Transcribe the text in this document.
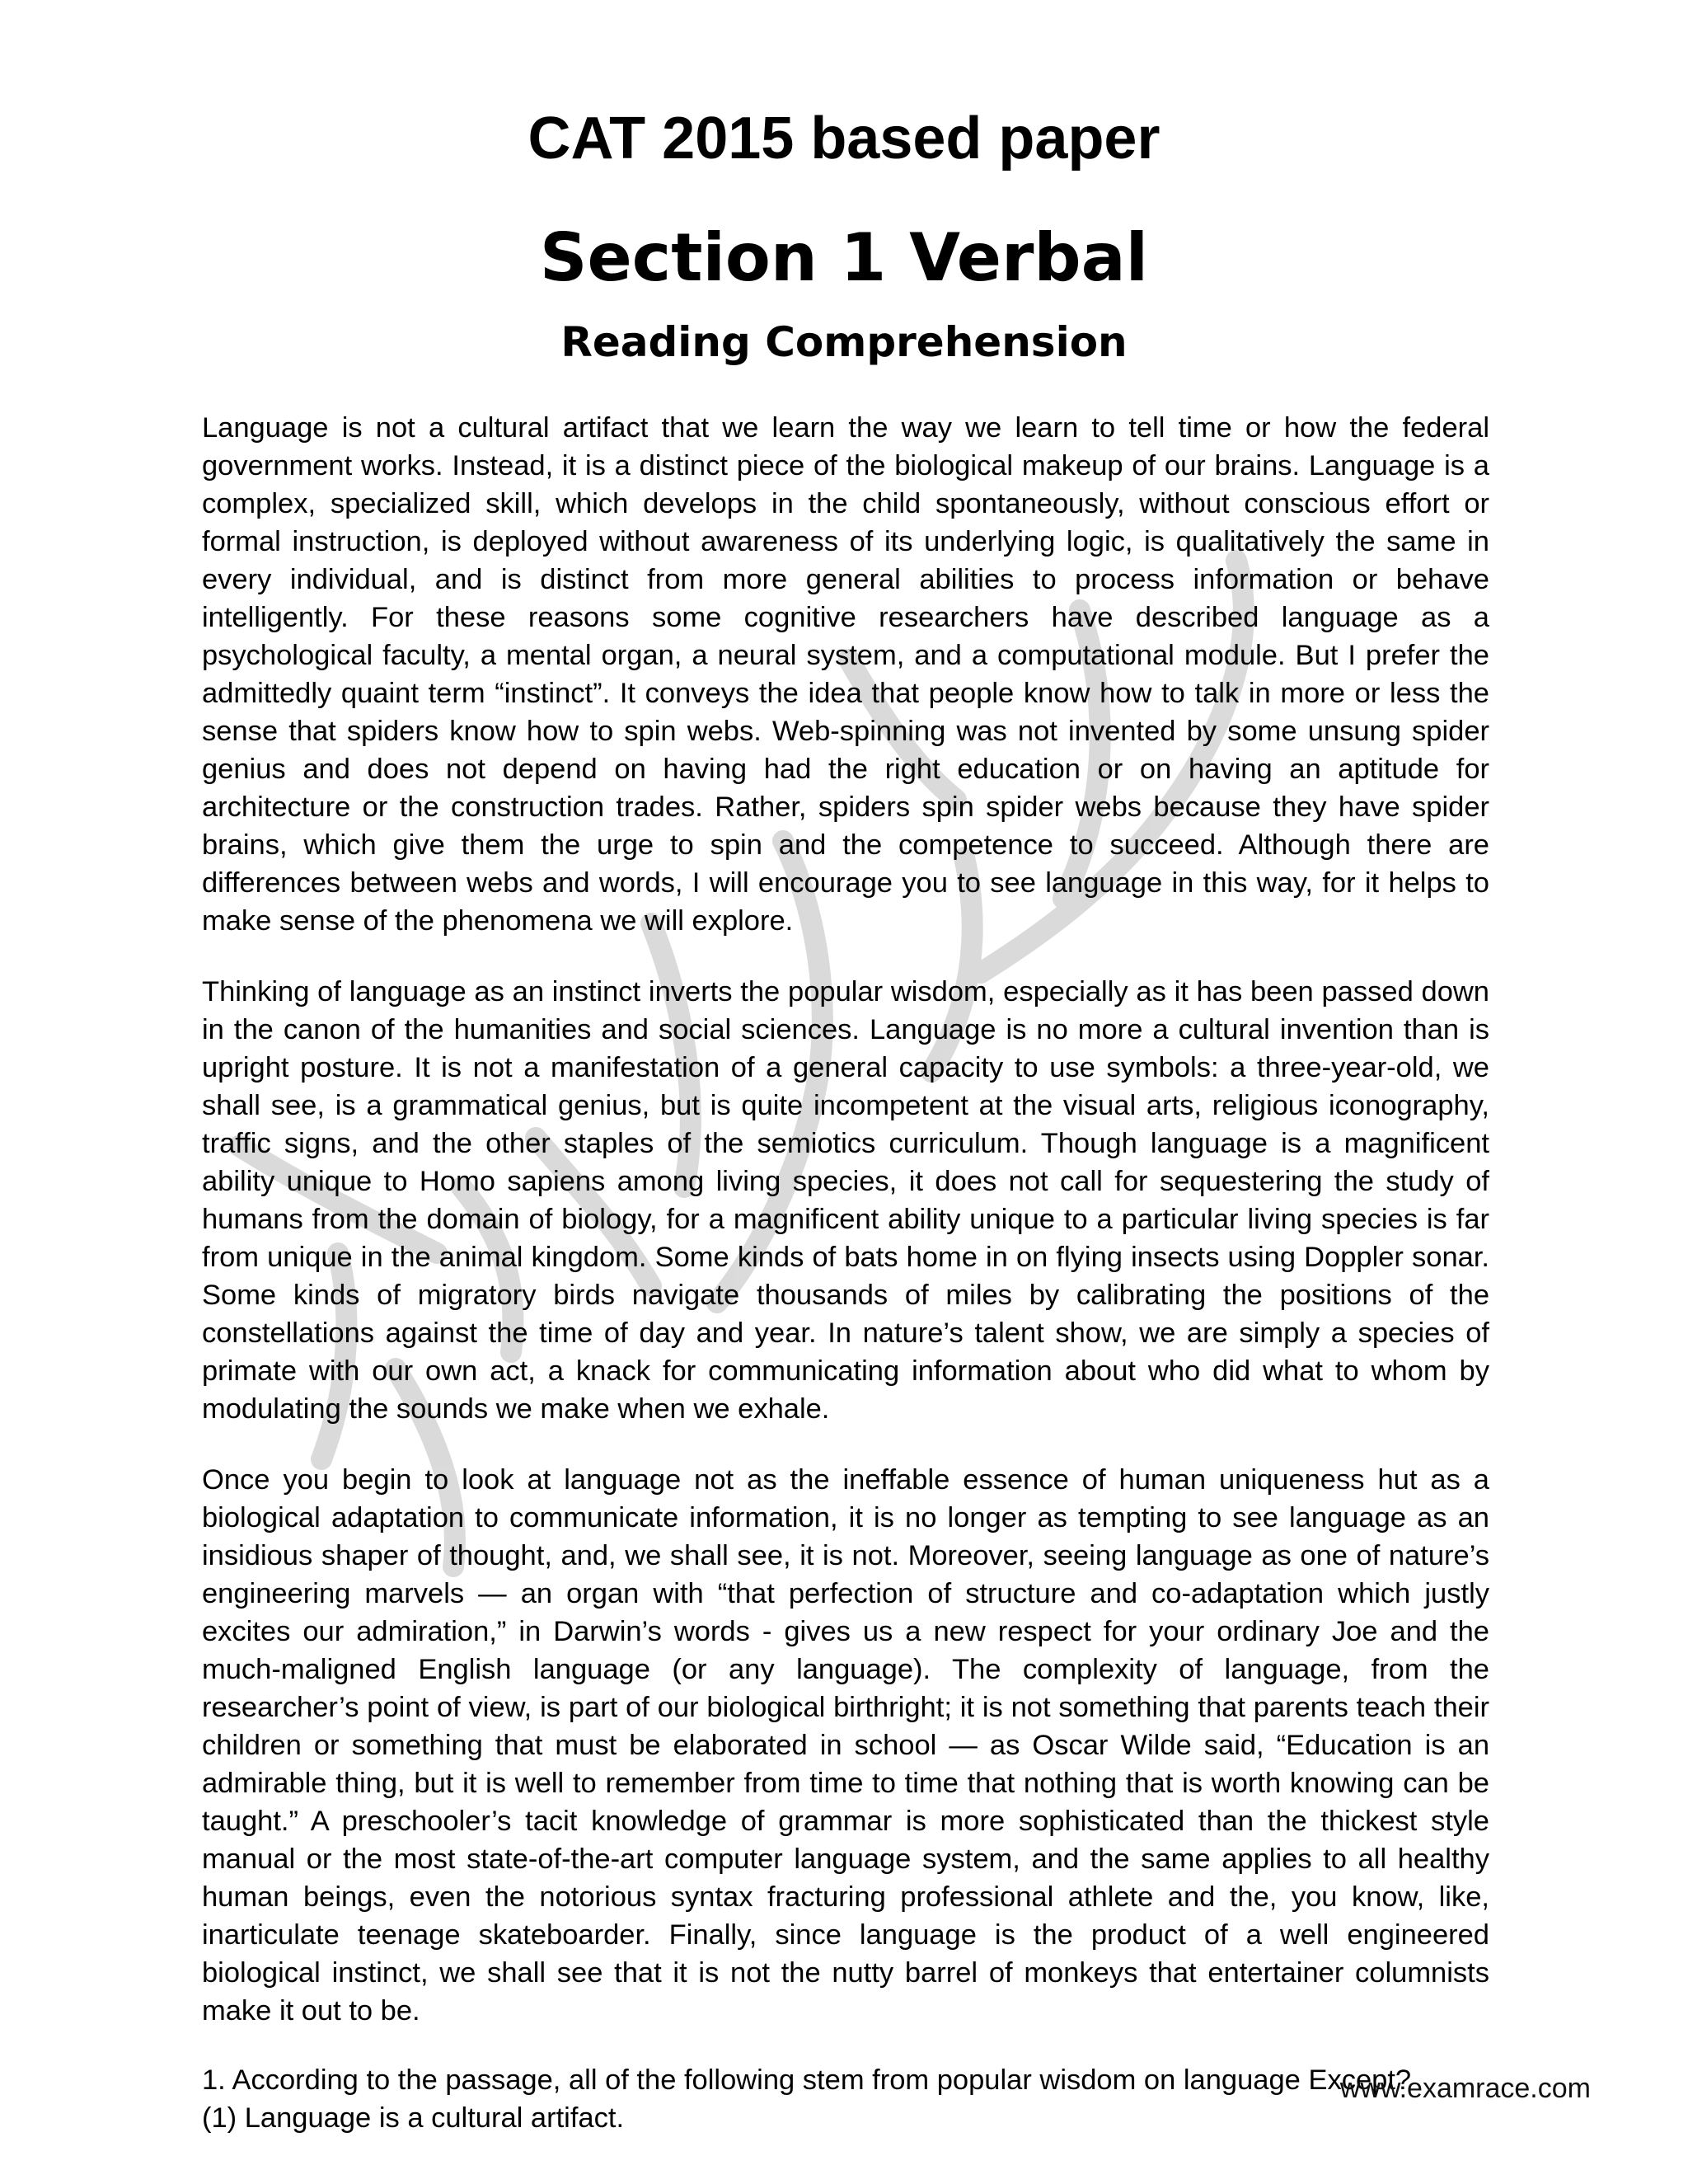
CAT 2015 based paper
Section 1 Verbal
Reading Comprehension

Language is not a cultural artifact that we learn the way we learn to tell time or how the federal government works. Instead, it is a distinct piece of the biological makeup of our brains. Language is a complex, specialized skill, which develops in the child spontaneously, without conscious effort or formal instruction, is deployed without awareness of its underlying logic, is qualitatively the same in every individual, and is distinct from more general abilities to process information or behave intelligently. For these reasons some cognitive researchers have described language as a psychological faculty, a mental organ, a neural system, and a computational module. But I prefer the admittedly quaint term “instinct”. It conveys the idea that people know how to talk in more or less the sense that spiders know how to spin webs. Web-spinning was not invented by some unsung spider genius and does not depend on having had the right education or on having an aptitude for architecture or the construction trades. Rather, spiders spin spider webs because they have spider brains, which give them the urge to spin and the competence to succeed. Although there are differences between webs and words, I will encourage you to see language in this way, for it helps to make sense of the phenomena we will explore.

Thinking of language as an instinct inverts the popular wisdom, especially as it has been passed down in the canon of the humanities and social sciences. Language is no more a cultural invention than is upright posture. It is not a manifestation of a general capacity to use symbols: a three-year-old, we shall see, is a grammatical genius, but is quite incompetent at the visual arts, religious iconography, traffic signs, and the other staples of the semiotics curriculum. Though language is a magnificent ability unique to Homo sapiens among living species, it does not call for sequestering the study of humans from the domain of biology, for a magnificent ability unique to a particular living species is far from unique in the animal kingdom. Some kinds of bats home in on flying insects using Doppler sonar. Some kinds of migratory birds navigate thousands of miles by calibrating the positions of the constellations against the time of day and year. In nature’s talent show, we are simply a species of primate with our own act, a knack for communicating information about who did what to whom by modulating the sounds we make when we exhale.

Once you begin to look at language not as the ineffable essence of human uniqueness hut as a biological adaptation to communicate information, it is no longer as tempting to see language as an insidious shaper of thought, and, we shall see, it is not. Moreover, seeing language as one of nature’s engineering marvels — an organ with “that perfection of structure and co-adaptation which justly excites our admiration,” in Darwin’s words - gives us a new respect for your ordinary Joe and the much-maligned English language (or any language). The complexity of language, from the researcher’s point of view, is part of our biological birthright; it is not something that parents teach their children or something that must be elaborated in school — as Oscar Wilde said, “Education is an admirable thing, but it is well to remember from time to time that nothing that is worth knowing can be taught.” A preschooler’s tacit knowledge of grammar is more sophisticated than the thickest style manual or the most state-of-the-art computer language system, and the same applies to all healthy human beings, even the notorious syntax fracturing professional athlete and the, you know, like, inarticulate teenage skateboarder. Finally, since language is the product of a well engineered biological instinct, we shall see that it is not the nutty barrel of monkeys that entertainer columnists make it out to be.

1. According to the passage, all of the following stem from popular wisdom on language Except?

(1) Language is a cultural artifact.

www.examrace.com
